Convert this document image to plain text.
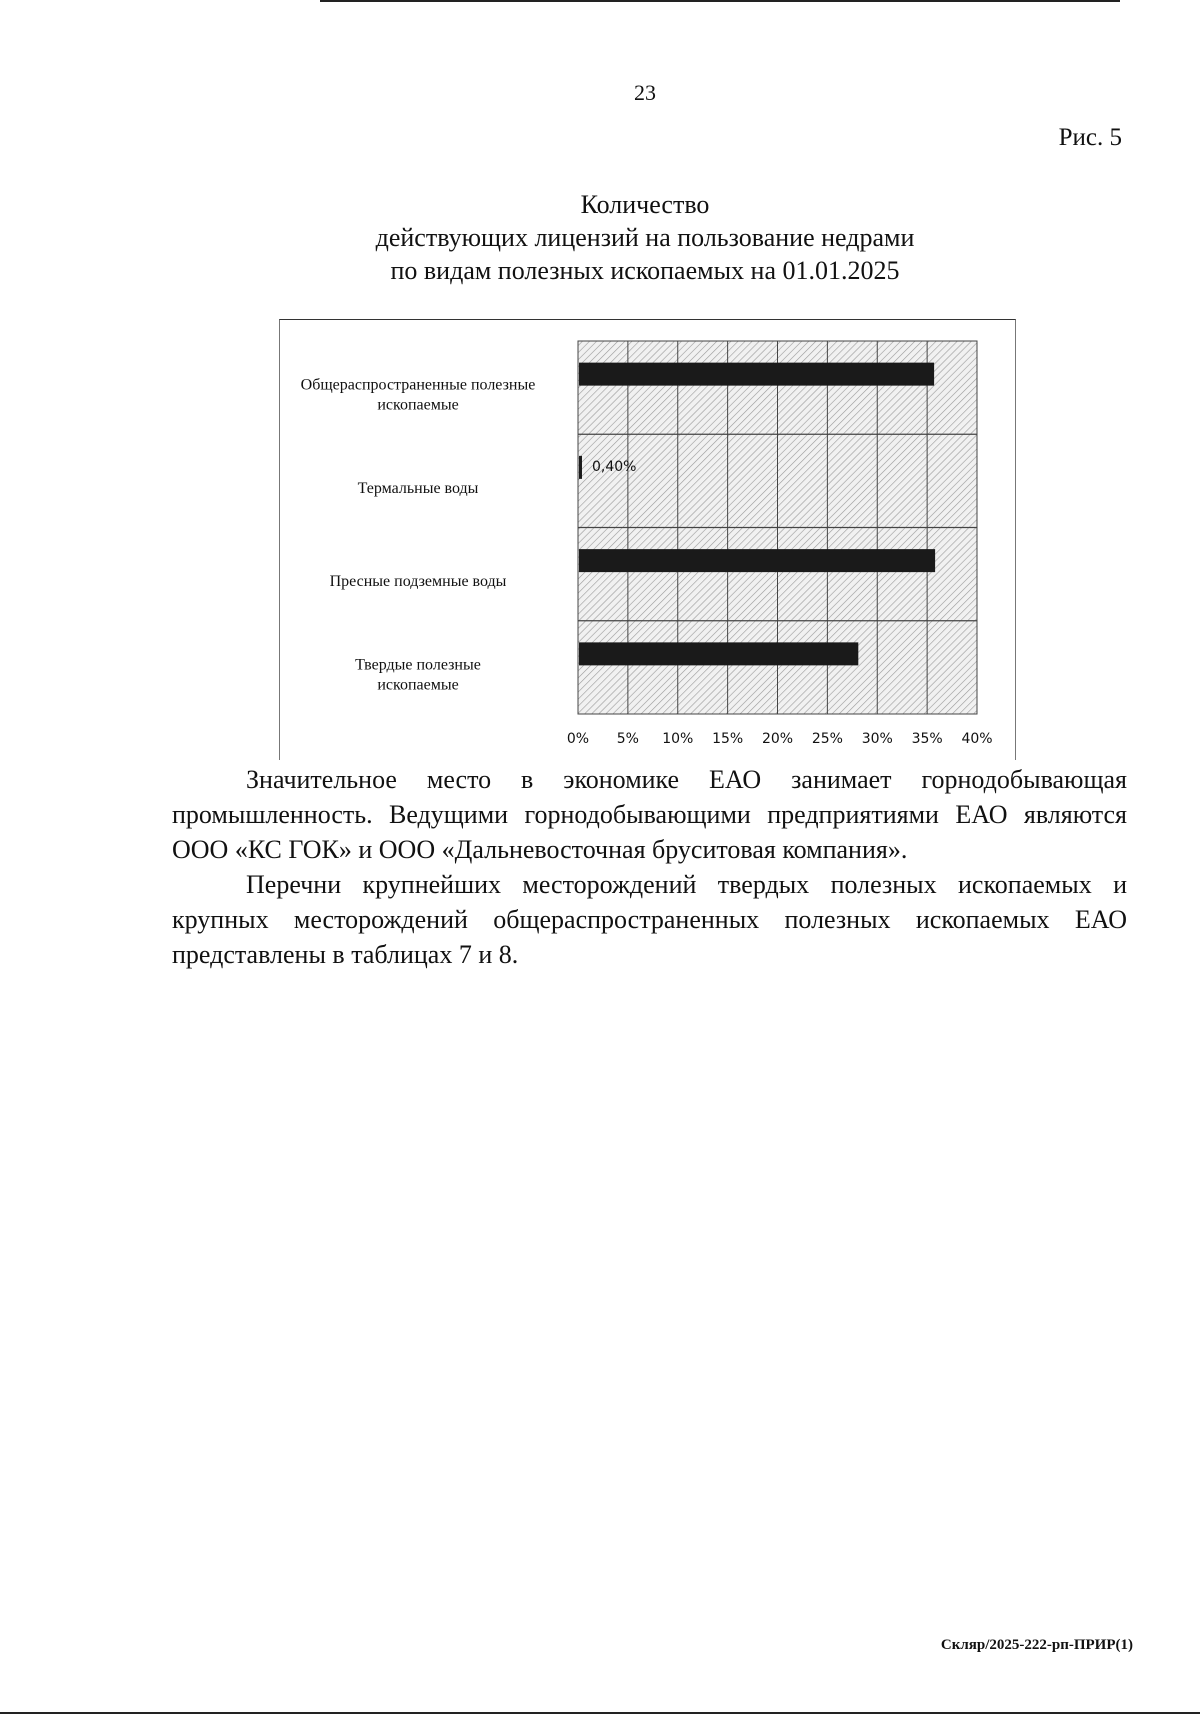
23
Рис. 5
Количество
действующих лицензий на пользование недрами
по видам полезных ископаемых на 01.01.2025
0% 5% 10% 15% 20% 25% 30% 35% 40%
Общераспространенные полезные ископаемые
0,40%
Термальные воды
Пресные подземные воды
Твердые полезные ископаемые

Значительное место в экономике ЕАО занимает горнодобывающая промышленность. Ведущими горнодобывающими предприятиями ЕАО являются ООО «КС ГОК» и ООО «Дальневосточная бруситовая компания».

Перечни крупнейших месторождений твердых полезных ископаемых и крупных месторождений общераспространенных полезных ископаемых ЕАО представлены в таблицах 7 и 8.

Скляр/2025-222-рп-ПРИР(1)
